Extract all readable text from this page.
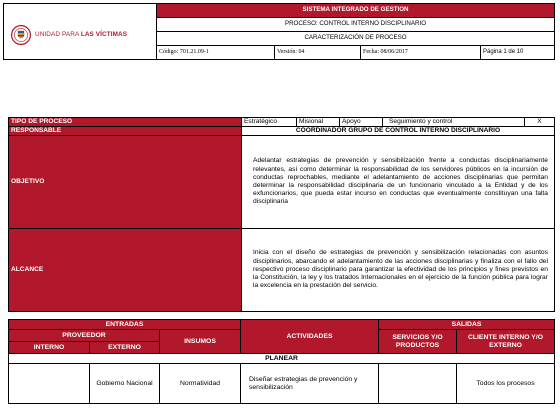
UNIDAD PARA LAS VÍCTIMAS	SISTEMA INTEGRADO DE GESTION			
	PROCESO: CONTROL INTERNO DISCIPLINARIO			
	CARACTERIZACIÓN DE PROCESO			
	Código: 701.21.09-1	Versión: 04	Fecha: 08/06/2017	Página 1 de 10
TIPO DE PROCESO	Estratégico	Misional	Apoyo	Seguimiento y control	X
RESPONSABLE	COORDINADOR GRUPO DE CONTROL INTERNO DISCIPLINARIO				
OBJETIVO	Adelantar estrategias de prevención y sensibilización frente a conductas disciplinariamente relevantes, así como determinar la responsabilidad de los servidores públicos en la incursión de conductas reprochables, mediante el adelantamiento de acciones disciplinarias que permitan determinar la responsabilidad disciplinaria de un funcionario vinculado a la Entidad y de los exfuncionarios, que pueda estar incurso en conductas que eventualmente constituyan una falta disciplinaria				
ALCANCE	Inicia con el diseño de estrategias de prevención y sensibilización relacionadas con asuntos disciplinarios, abarcando el adelantamiento de las acciones disciplinarias y finaliza con el fallo del respectivo proceso disciplinario para garantizar la efectividad de los principios y fines previstos en la Constitución, la ley y los tratados Internacionales en el ejercicio de la función pública para lograr la excelencia en la prestación del servicio.				
ENTRADAS			ACTIVIDADES	SALIDAS	
PROVEEDOR		INSUMOS		SERVICIOS Y/O PRODUCTOS	CLIENTE INTERNO Y/O EXTERNO
INTERNO	EXTERNO				
PLANEAR					
	Gobierno Nacional	Normatividad	Diseñar estrategias de prevención y sensibilización		Todos los procesos
